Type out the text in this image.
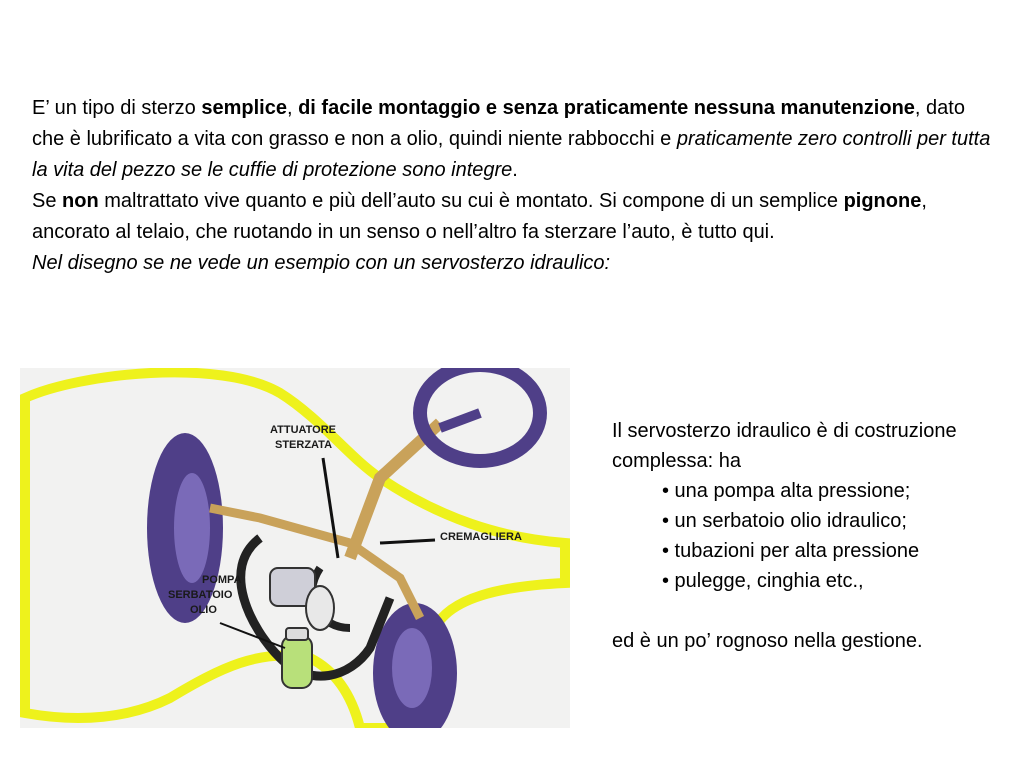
E’ un tipo di sterzo semplice, di facile montaggio e senza praticamente nessuna manutenzione, dato che è lubrificato a vita con grasso e non a olio, quindi niente rabbocchi e praticamente zero controlli per tutta la vita del pezzo se le cuffie di protezione sono integre.

Se non maltrattato vive quanto e più dell’auto su cui è montato. Si compone di un semplice pignone, ancorato al telaio, che ruotando in un senso o nell’altro fa sterzare l’auto, è tutto qui.

Nel disegno se ne vede un esempio con un servosterzo idraulico:

ATTUATORE
STERZATA
CREMAGLIERA
POMPA
SERBATOIO
OLIO

Il servosterzo idraulico è di costruzione complessa: ha

• una pompa alta pressione;
• un serbatoio olio idraulico;
• tubazioni per alta pressione
• pulegge, cinghia etc.,

ed è un po’ rognoso nella gestione.
